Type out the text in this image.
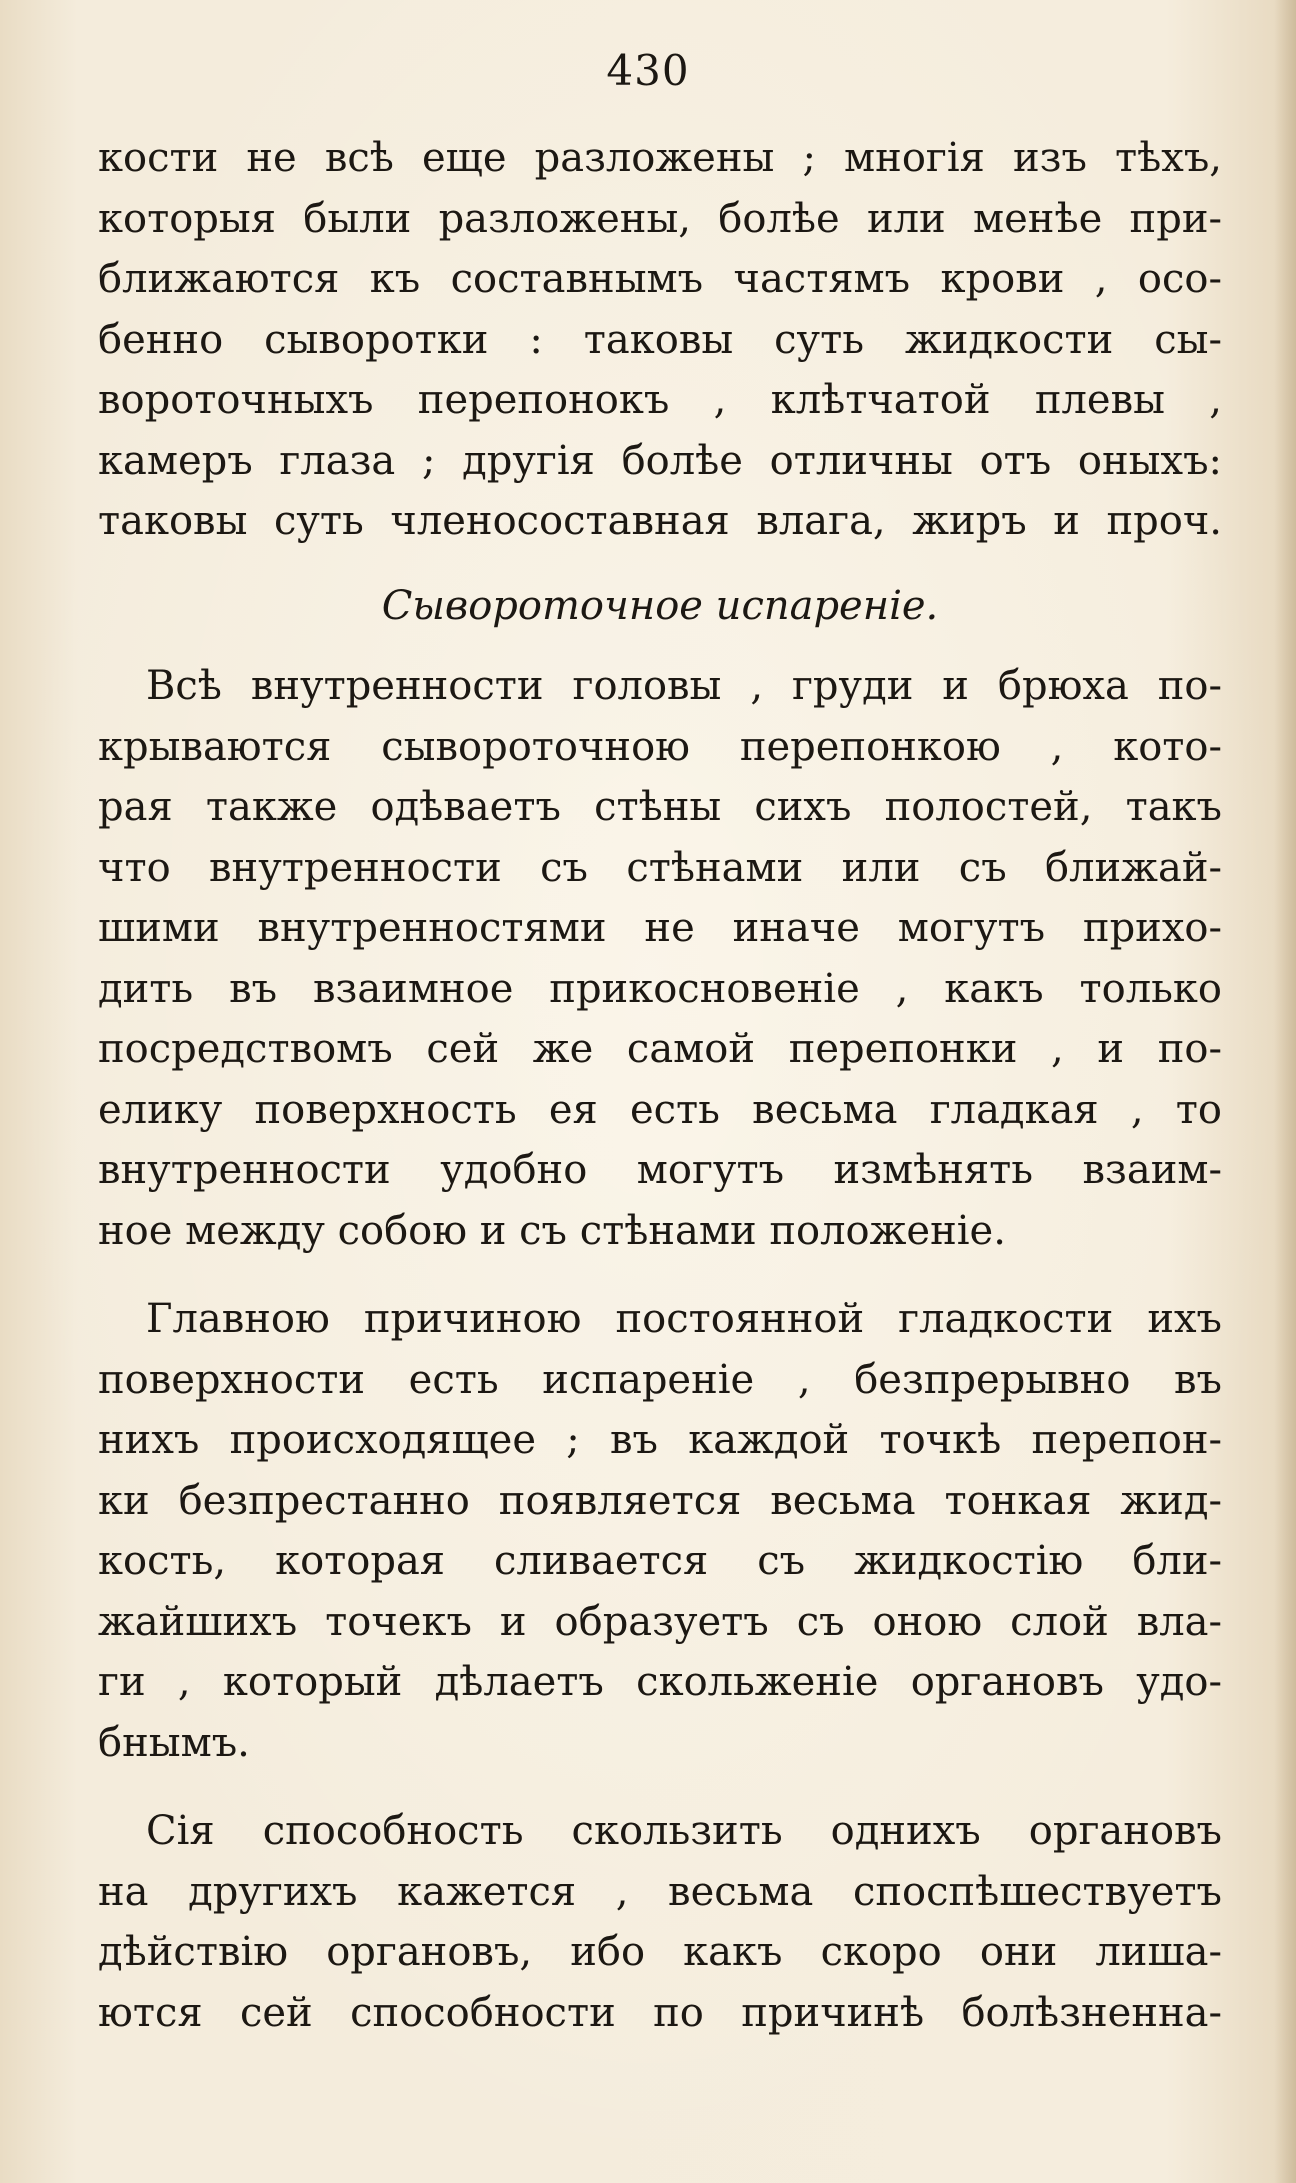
430

кости не всѣ еще разложены ; многія изъ тѣхъ,
которыя были разложены, болѣе или менѣе при-
ближаются къ составнымъ частямъ крови , осо-
бенно сыворотки : таковы суть жидкости сы-
вороточныхъ перепонокъ , клѣтчатой плевы ,
камеръ глаза ; другія болѣе отличны отъ оныхъ:
таковы суть членосоставная влага, жиръ и проч.

Сывороточное испареніе.

Всѣ внутренности головы , груди и брюха по-
крываются сывороточною перепонкою , кото-
рая также одѣваетъ стѣны сихъ полостей, такъ
что внутренности съ стѣнами или съ ближай-
шими внутренностями не иначе могутъ прихо-
дить въ взаимное прикосновеніе , какъ только
посредствомъ сей же самой перепонки , и по-
елику поверхность ея есть весьма гладкая , то
внутренности удобно могутъ измѣнять взаим-
ное между собою и съ стѣнами положеніе.

Главною причиною постоянной гладкости ихъ
поверхности есть испареніе , безпрерывно въ
нихъ происходящее ; въ каждой точкѣ перепон-
ки безпрестанно появляется весьма тонкая жид-
кость, которая сливается съ жидкостію бли-
жайшихъ точекъ и образуетъ съ оною слой вла-
ги , который дѣлаетъ скольженіе органовъ удо-
бнымъ.

Сія способность скользить однихъ органовъ
на другихъ кажется , весьма споспѣшествуетъ
дѣйствію органовъ, ибо какъ скоро они лиша-
ются сей способности по причинѣ болѣзненна-
